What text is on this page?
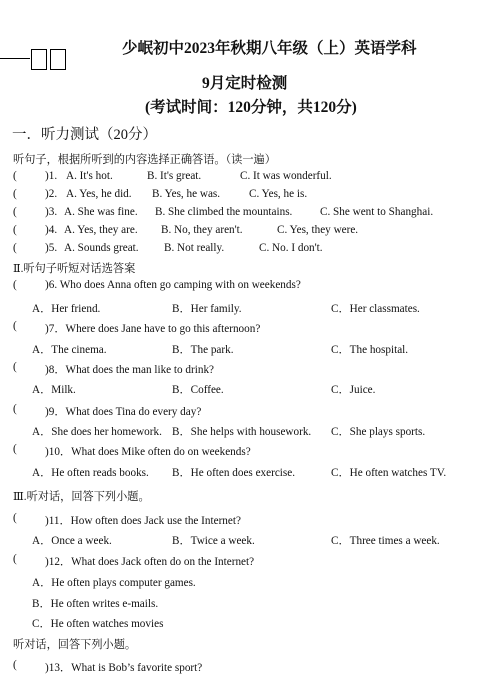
少岷初中2023年秋期八年级（上）英语学科
9月定时检测
(考试时间：120分钟，共120分)
一．听力测试（20分）
听句子，根据所听到的内容选择正确答语。（读一遍）
(	)1. A. It's hot.	B. It's great.	C. It was wonderful.
(	)2. A. Yes, he did. B. Yes, he was.	C. Yes, he is.
(	)3. A. She was fine. B. She climbed the mountains. C. She went to Shanghai.
(	)4. A. Yes, they are. B. No, they aren't.	C. Yes, they were.
(	)5. A. Sounds great. B. Not really.	C. No. I don't.
Ⅱ.听句子听短对话选答案
(	)6. Who does Anna often go camping with on weekends?
A．Her friend.	B．Her family.	C．Her classmates.
(	)7．Where does Jane have to go this afternoon?
A．The cinema.	B．The park.	C．The hospital.
(	)8．What does the man like to drink?
A．Milk.	B．Coffee.	C．Juice.
(	)9．What does Tina do every day?
A．She does her homework. B．She helps with housework. C．She plays sports.
(	)10．What does Mike often do on weekends?
A．He often reads books. B．He often does exercise.	C．He often watches TV.
Ⅲ.听对话，回答下列小题。
(	)11．How often does Jack use the Internet?
A．Once a week.	B．Twice a week.	C．Three times a week.
(	)12．What does Jack often do on the Internet?
A．He often plays computer games.
B．He often writes e-mails.
C．He often watches movies
听对话，回答下列小题。
(	)13．What is Bob’s favorite sport?
